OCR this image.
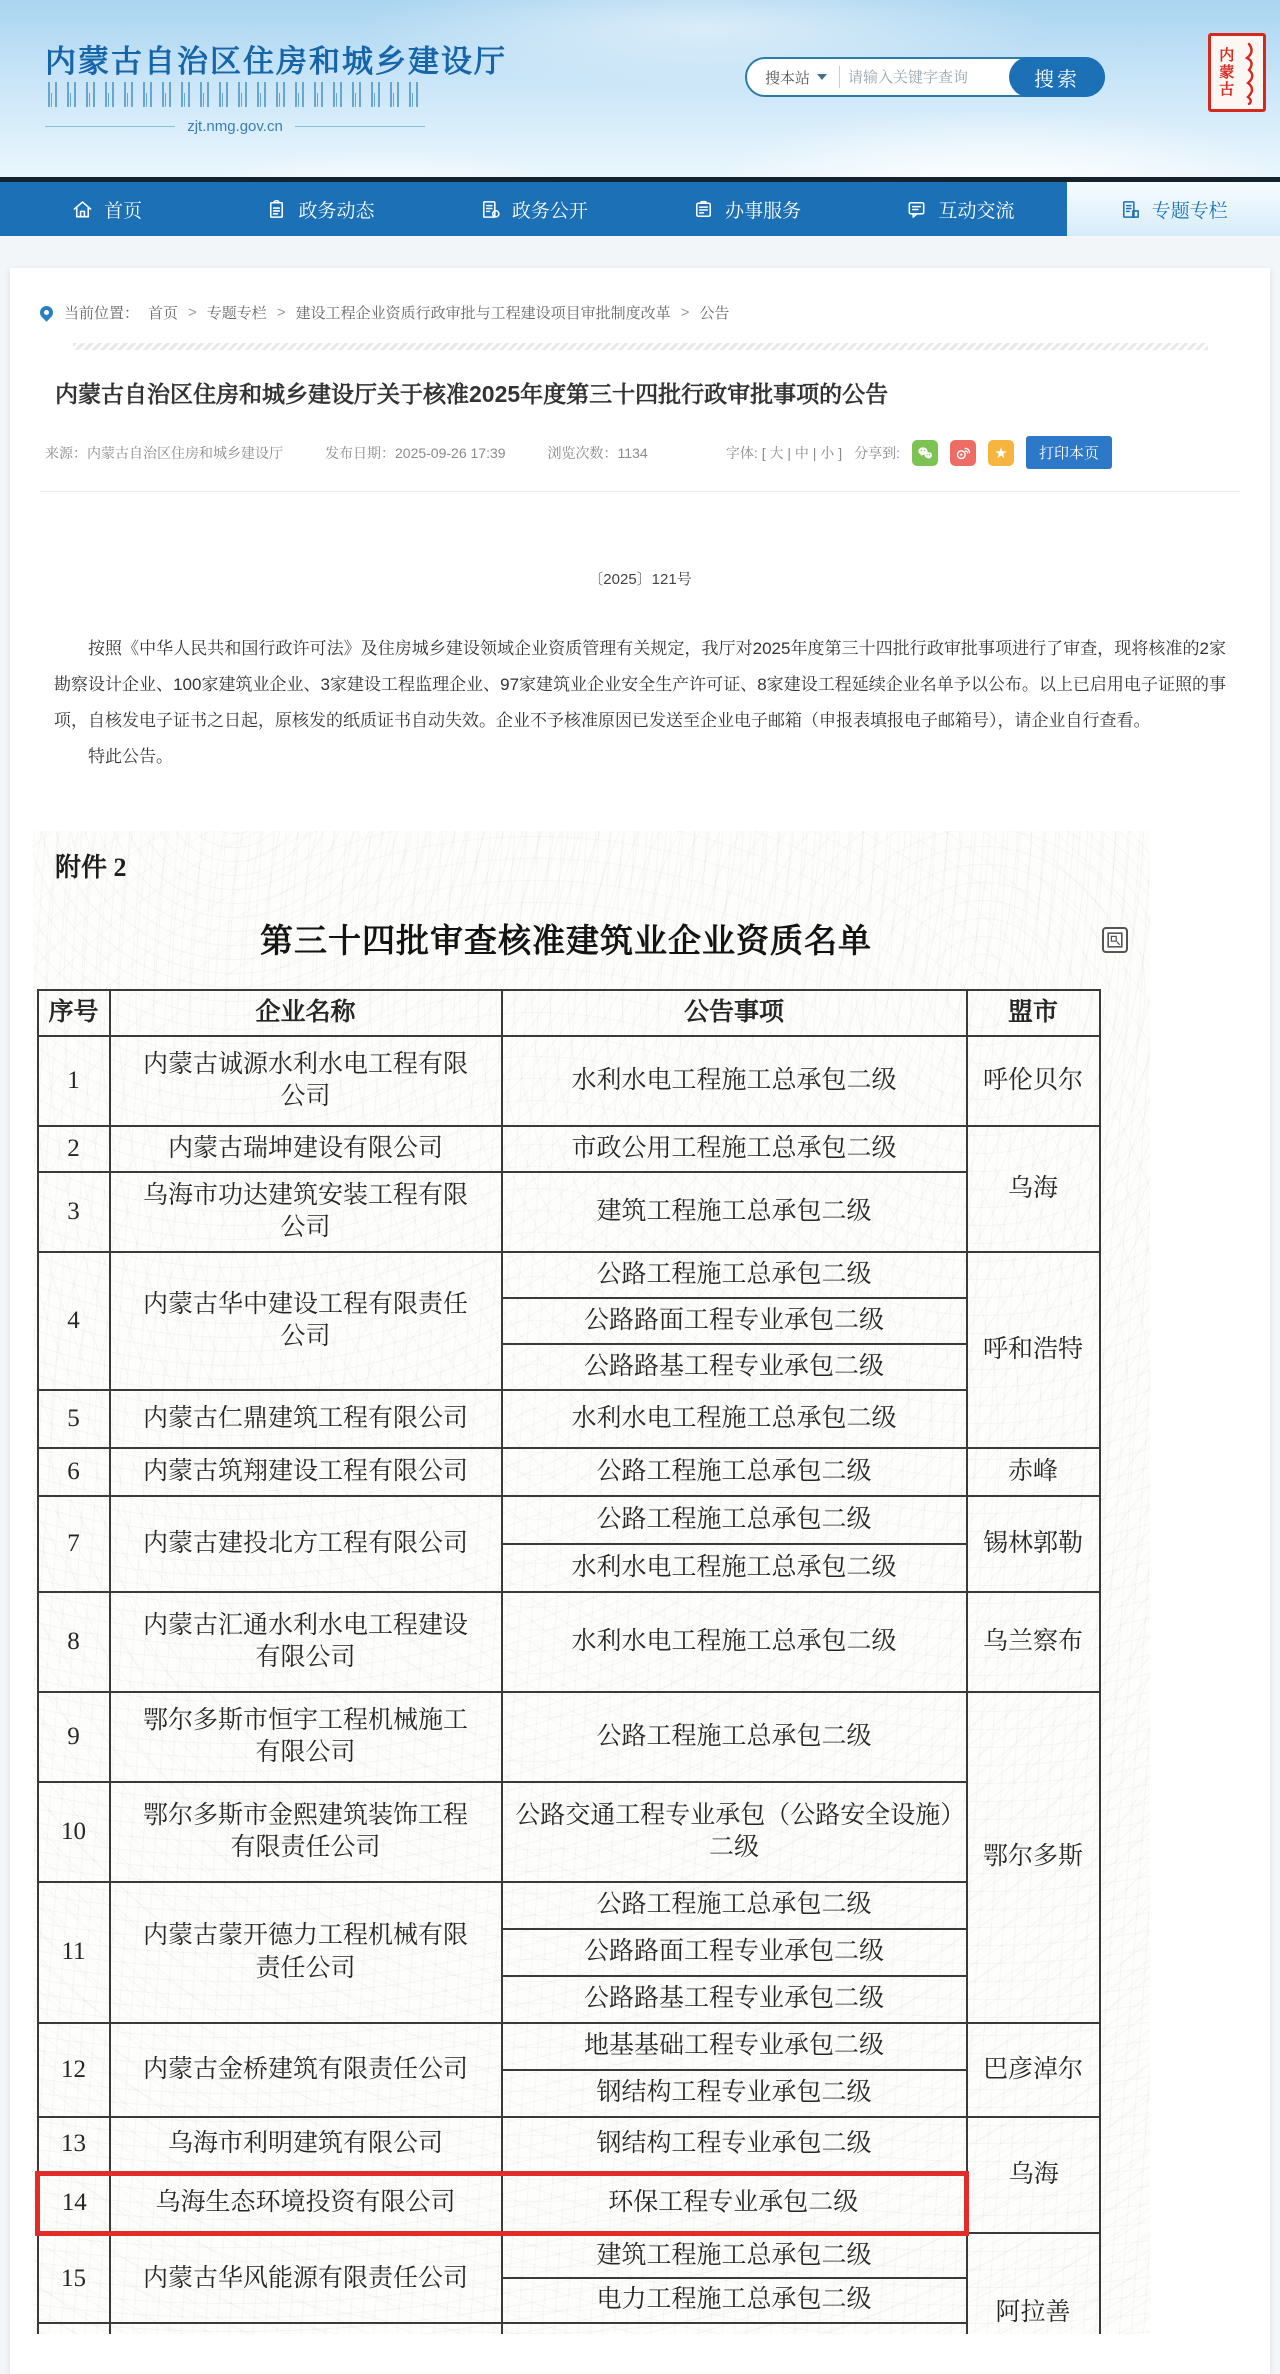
内蒙古自治区住房和城乡建设厅
zjt.nmg.gov.cn
搜本站
请输入关键字查询	搜索	内蒙古
首页	政务动态	政务公开	办事服务	互动交流	专题专栏
当前位置： 首页 > 专题专栏 > 建设工程企业资质行政审批与工程建设项目审批制度改革 > 公告
内蒙古自治区住房和城乡建设厅关于核准2025年度第三十四批行政审批事项的公告
来源：内蒙古自治区住房和城乡建设厅	发布日期：2025-09-26 17:39	浏览次数：1134	字体: [ 大 | 中 | 小 ] 分享到:	★	打印本页
〔2025〕121号

按照《中华人民共和国行政许可法》及住房城乡建设领域企业资质管理有关规定，我厅对2025年度第三十四批行政审批事项进行了审查，现将核准的2家勘察设计企业、100家建筑业企业、3家建设工程监理企业、97家建筑业企业安全生产许可证、8家建设工程延续企业名单予以公布。以上已启用电子证照的事项，自核发电子证书之日起，原核发的纸质证书自动失效。企业不予核准原因已发送至企业电子邮箱（申报表填报电子邮箱号），请企业自行查看。

特此公告。

附件 2
第三十四批审查核准建筑业企业资质名单
序号	企业名称	公告事项	盟市
1	内蒙古诚源水利水电工程有限公司	水利水电工程施工总承包二级	呼伦贝尔
2	内蒙古瑞坤建设有限公司	市政公用工程施工总承包二级	乌海
3	乌海市功达建筑安装工程有限公司	建筑工程施工总承包二级	
4	内蒙古华中建设工程有限责任公司	公路工程施工总承包二级	呼和浩特
		公路路面工程专业承包二级	
		公路路基工程专业承包二级	
5	内蒙古仁鼎建筑工程有限公司	水利水电工程施工总承包二级	
6	内蒙古筑翔建设工程有限公司	公路工程施工总承包二级	赤峰
7	内蒙古建投北方工程有限公司	公路工程施工总承包二级	锡林郭勒
		水利水电工程施工总承包二级	
8	内蒙古汇通水利水电工程建设有限公司	水利水电工程施工总承包二级	乌兰察布
9	鄂尔多斯市恒宇工程机械施工有限公司	公路工程施工总承包二级	鄂尔多斯
10	鄂尔多斯市金熙建筑装饰工程有限责任公司	公路交通工程专业承包（公路安全设施）二级	
11	内蒙古蒙开德力工程机械有限责任公司	公路工程施工总承包二级	
		公路路面工程专业承包二级	
		公路路基工程专业承包二级	
12	内蒙古金桥建筑有限责任公司	地基基础工程专业承包二级	巴彦淖尔
		钢结构工程专业承包二级	
13	乌海市利明建筑有限公司	钢结构工程专业承包二级	乌海
14	乌海生态环境投资有限公司	环保工程专业承包二级	
15	内蒙古华风能源有限责任公司	建筑工程施工总承包二级	阿拉善
		电力工程施工总承包二级	
